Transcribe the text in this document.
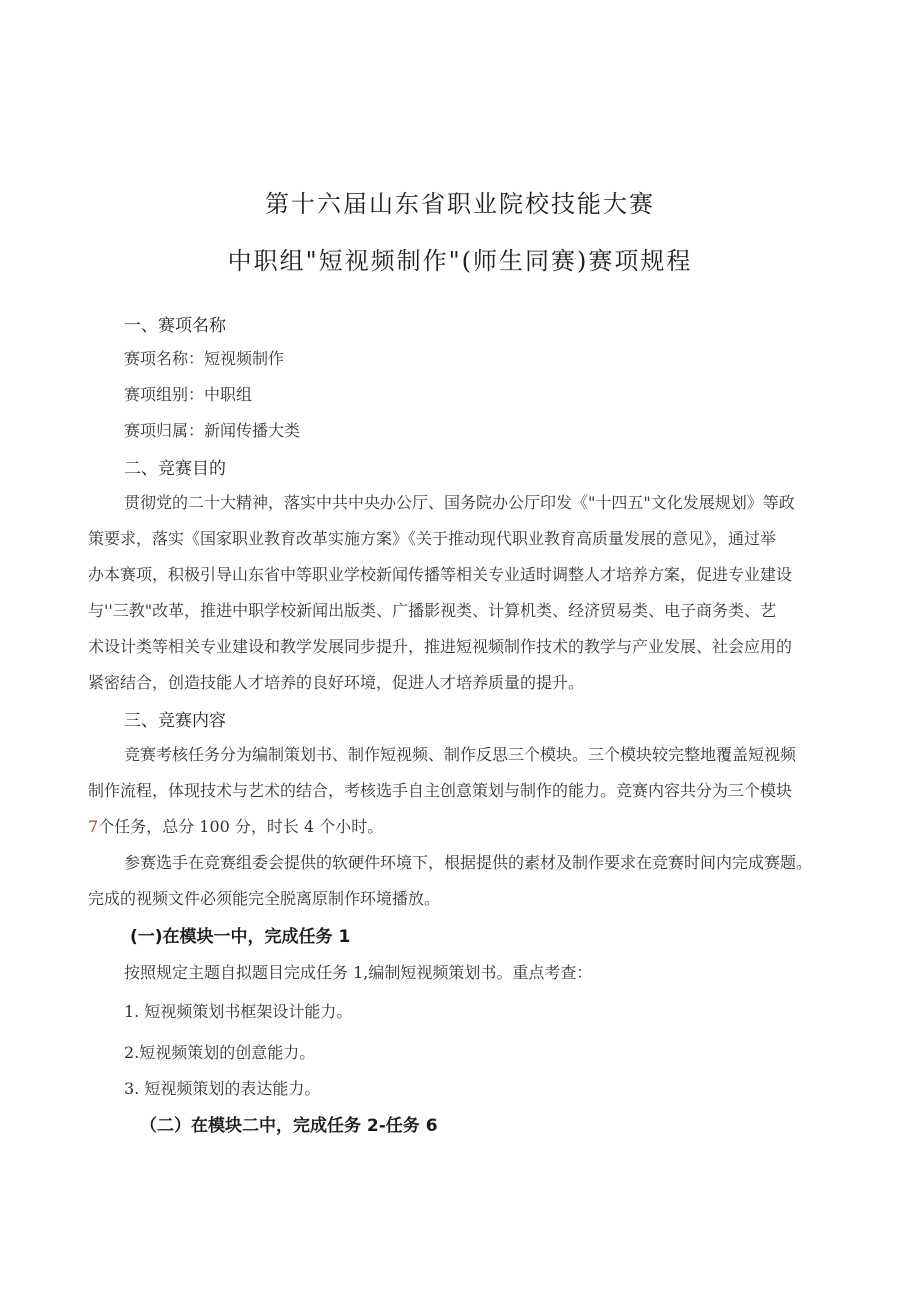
第十六届山东省职业院校技能大赛
中职组"短视频制作"(师生同赛)赛项规程
一、赛项名称
赛项名称：短视频制作
赛项组别：中职组
赛项归属：新闻传播大类
二、竞赛目的
贯彻党的二十大精神，落实中共中央办公厅、国务院办公厅印发《"十四五"文化发展规划》等政
策要求，落实《国家职业教育改革实施方案》《关于推动现代职业教育高质量发展的意见》，通过举
办本赛项，积极引导山东省中等职业学校新闻传播等相关专业适时调整人才培养方案，促进专业建设
与''三教"改革，推进中职学校新闻出版类、广播影视类、计算机类、经济贸易类、电子商务类、艺
术设计类等相关专业建设和教学发展同步提升，推进短视频制作技术的教学与产业发展、社会应用的
紧密结合，创造技能人才培养的良好环境，促进人才培养质量的提升。
三、竞赛内容
竞赛考核任务分为编制策划书、制作短视频、制作反思三个模块。三个模块较完整地覆盖短视频
制作流程，体现技术与艺术的结合，考核选手自主创意策划与制作的能力。竞赛内容共分为三个模块
7个任务，总分 100 分，时长 4 个小时。
参赛选手在竞赛组委会提供的软硬件环境下，根据提供的素材及制作要求在竞赛时间内完成赛题。
完成的视频文件必须能完全脱离原制作环境播放。
(一)在模块一中，完成任务 1
按照规定主题自拟题目完成任务 1,编制短视频策划书。重点考查：
1. 短视频策划书框架设计能力。
2.短视频策划的创意能力。
3. 短视频策划的表达能力。
（二）在模块二中，完成任务 2-任务 6
